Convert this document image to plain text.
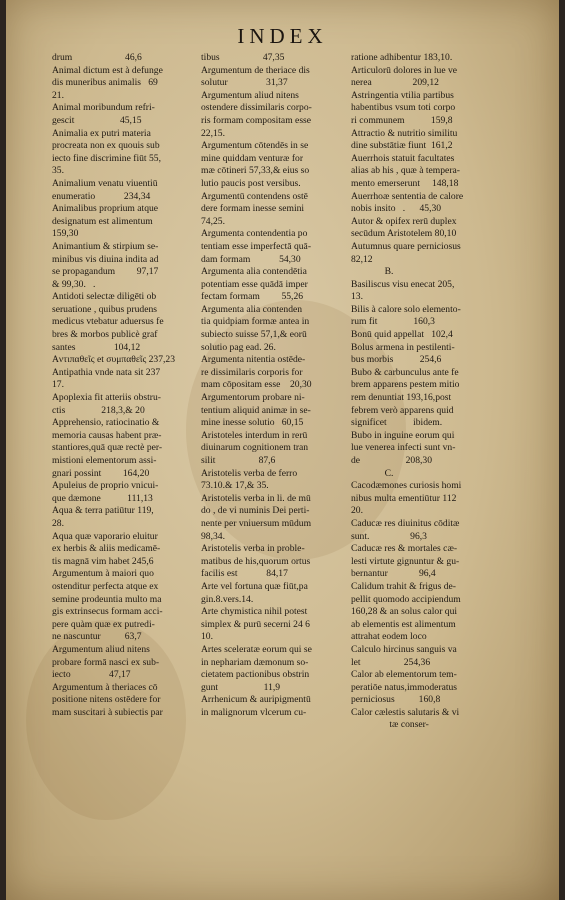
INDEX
drum                      46,6
Animal dictum est à defunge
dis muneribus animalis   69
21.
Animal moribundum refri-
gescit                   45,15
Animalia ex putri materia
procreata non ex quouis sub
iecto fine discrimine fiūt 55,
35.
Animalium venatu viuentiū
enumeratio            234,34
Animalibus proprium atque
designatum est alimentum
159,30
Animantium & stirpium se-
minibus vis diuina indita ad
se propagandum         97,17
& 99,30.   .
Antidoti selectæ diligēti ob
seruatione , quibus prudens
medicus vtebatur aduersus fe
bres & morbos publicè graf
santes                104,12
Aντιπαθεῖς et συμπαθεῖς 237,23
Antipathia vnde nata sit 237
17.
Apoplexia fit atteriis obstru-
ctis               218,3,& 20
Apprehensio, ratiocinatio &
memoria causas habent præ-
stantiores,quā quæ rectè per-
mistioni elementorum assi-
gnari possint         164,20
Apuleius de proprio vnicui-
que dæmone           111,13
Aqua & terra patiūtur 119,
28.
Aqua quæ vaporario eluitur
ex herbis & aliis medicamē-
tis magnā vim habet 245,6
Argumentum à maiori quo
ostenditur perfecta atque ex
semine prodeuntia multo ma
gis extrinsecus formam acci-
pere quàm quæ ex putredi-
ne nascuntur          63,7
Argumentum aliud nitens
probare formā nasci ex sub-
iecto                47,17
Argumentum à theriaces cō
positione nitens ostēdere for
mam suscitari à subiectis par
tibus                  47,35
Argumentum de theriace dis
solutur                31,37
Argumentum aliud nitens
ostendere dissimilaris corpo-
ris formam compositam esse
22,15.
Argumentum cōtendēs in se
mine quiddam venturæ for
mæ cōtineri 57,33,& eius so
lutio paucis post versibus.
Argumentū contendens ostē
dere formam inesse semini
74,25.
Argumenta contendentia po
tentiam esse imperfectā quā-
dam formam            54,30
Argumenta alia contendētia
potentiam esse quādā imper
fectam formam         55,26
Argumenta alia contenden
tia quidpiam formæ antea in
subiecto suisse 57,1,& eorū
solutio pag ead. 26.
Argumenta nitentia ostēde-
re dissimilaris corporis for
mam cōpositam esse    20,30
Argumentorum probare ni-
tentium aliquid animæ in se-
mine inesse solutio   60,15
Aristoteles interdum in rerū
diuinarum cognitionem tran
silit                  87,6
Aristotelis verba de ferro
73.10.& 17,& 35.
Aristotelis verba in li. de mū
do , de vi numinis Dei perti-
nente per vniuersum mūdum
98,34.
Aristotelis verba in proble-
matibus de his,quorum ortus
facilis est            84,17
Arte vel fortuna quæ fiūt,pa
gin.8.vers.14.
Arte chymistica nihil potest
simplex & purū secerni 24 6
10.
Artes sceleratæ eorum qui se
in nephariam dæmonum so-
cietatem pactionibus obstrin
gunt                   11,9
Arrhenicum & auripigmentū
in malignorum vlcerum cu-
ratione adhibentur 183,10.
Articulorū dolores in lue ve
nerea                 209,12
Astringentia vtilia partibus
habentibus vsum toti corpo
ri communem           159,8
Attractio & nutritio similitu
dine substātiæ fiunt  161,2
Auerrhois statuit facultates
alias ab his , quæ à tempera-
mento emerserunt     148,18
Auerrhoæ sententia de calore
nobis insito   .      45,30
Autor & opifex rerū duplex
secūdum Aristotelem 80,10
Autumnus quare perniciosus
82,12
B.
Basiliscus visu enecat 205,
13.
Bilis à calore solo elemento-
rum fit               160,3
Bonū quid appellat   102,4
Bolus armena in pestilenti-
bus morbis           254,6
Bubo & carbunculus ante fe
brem apparens pestem mitio
rem denuntiat 193,16,post
febrem verò apparens quid
significet           ibidem.
Bubo in inguine eorum qui
lue venerea infecti sunt vn-
de                   208,30
C.
Cacodæmones curiosis homi
nibus multa ementiūtur 112
20.
Caducæ res diuinitus cōditæ
sunt.                 96,3
Caducæ res & mortales cæ-
lesti virtute gignuntur & gu-
bernantur             96,4
Calidum trahit & frigus de-
pellit quomodo accipiendum
160,28 & an solus calor qui
ab elementis est alimentum
attrahat eodem loco
Calculo hircinus sanguis va
let                  254,36
Calor ab elementorum tem-
peratiōe natus,immoderatus
perniciosus          160,8
Calor cælestis salutaris & vi
tæ conser-
